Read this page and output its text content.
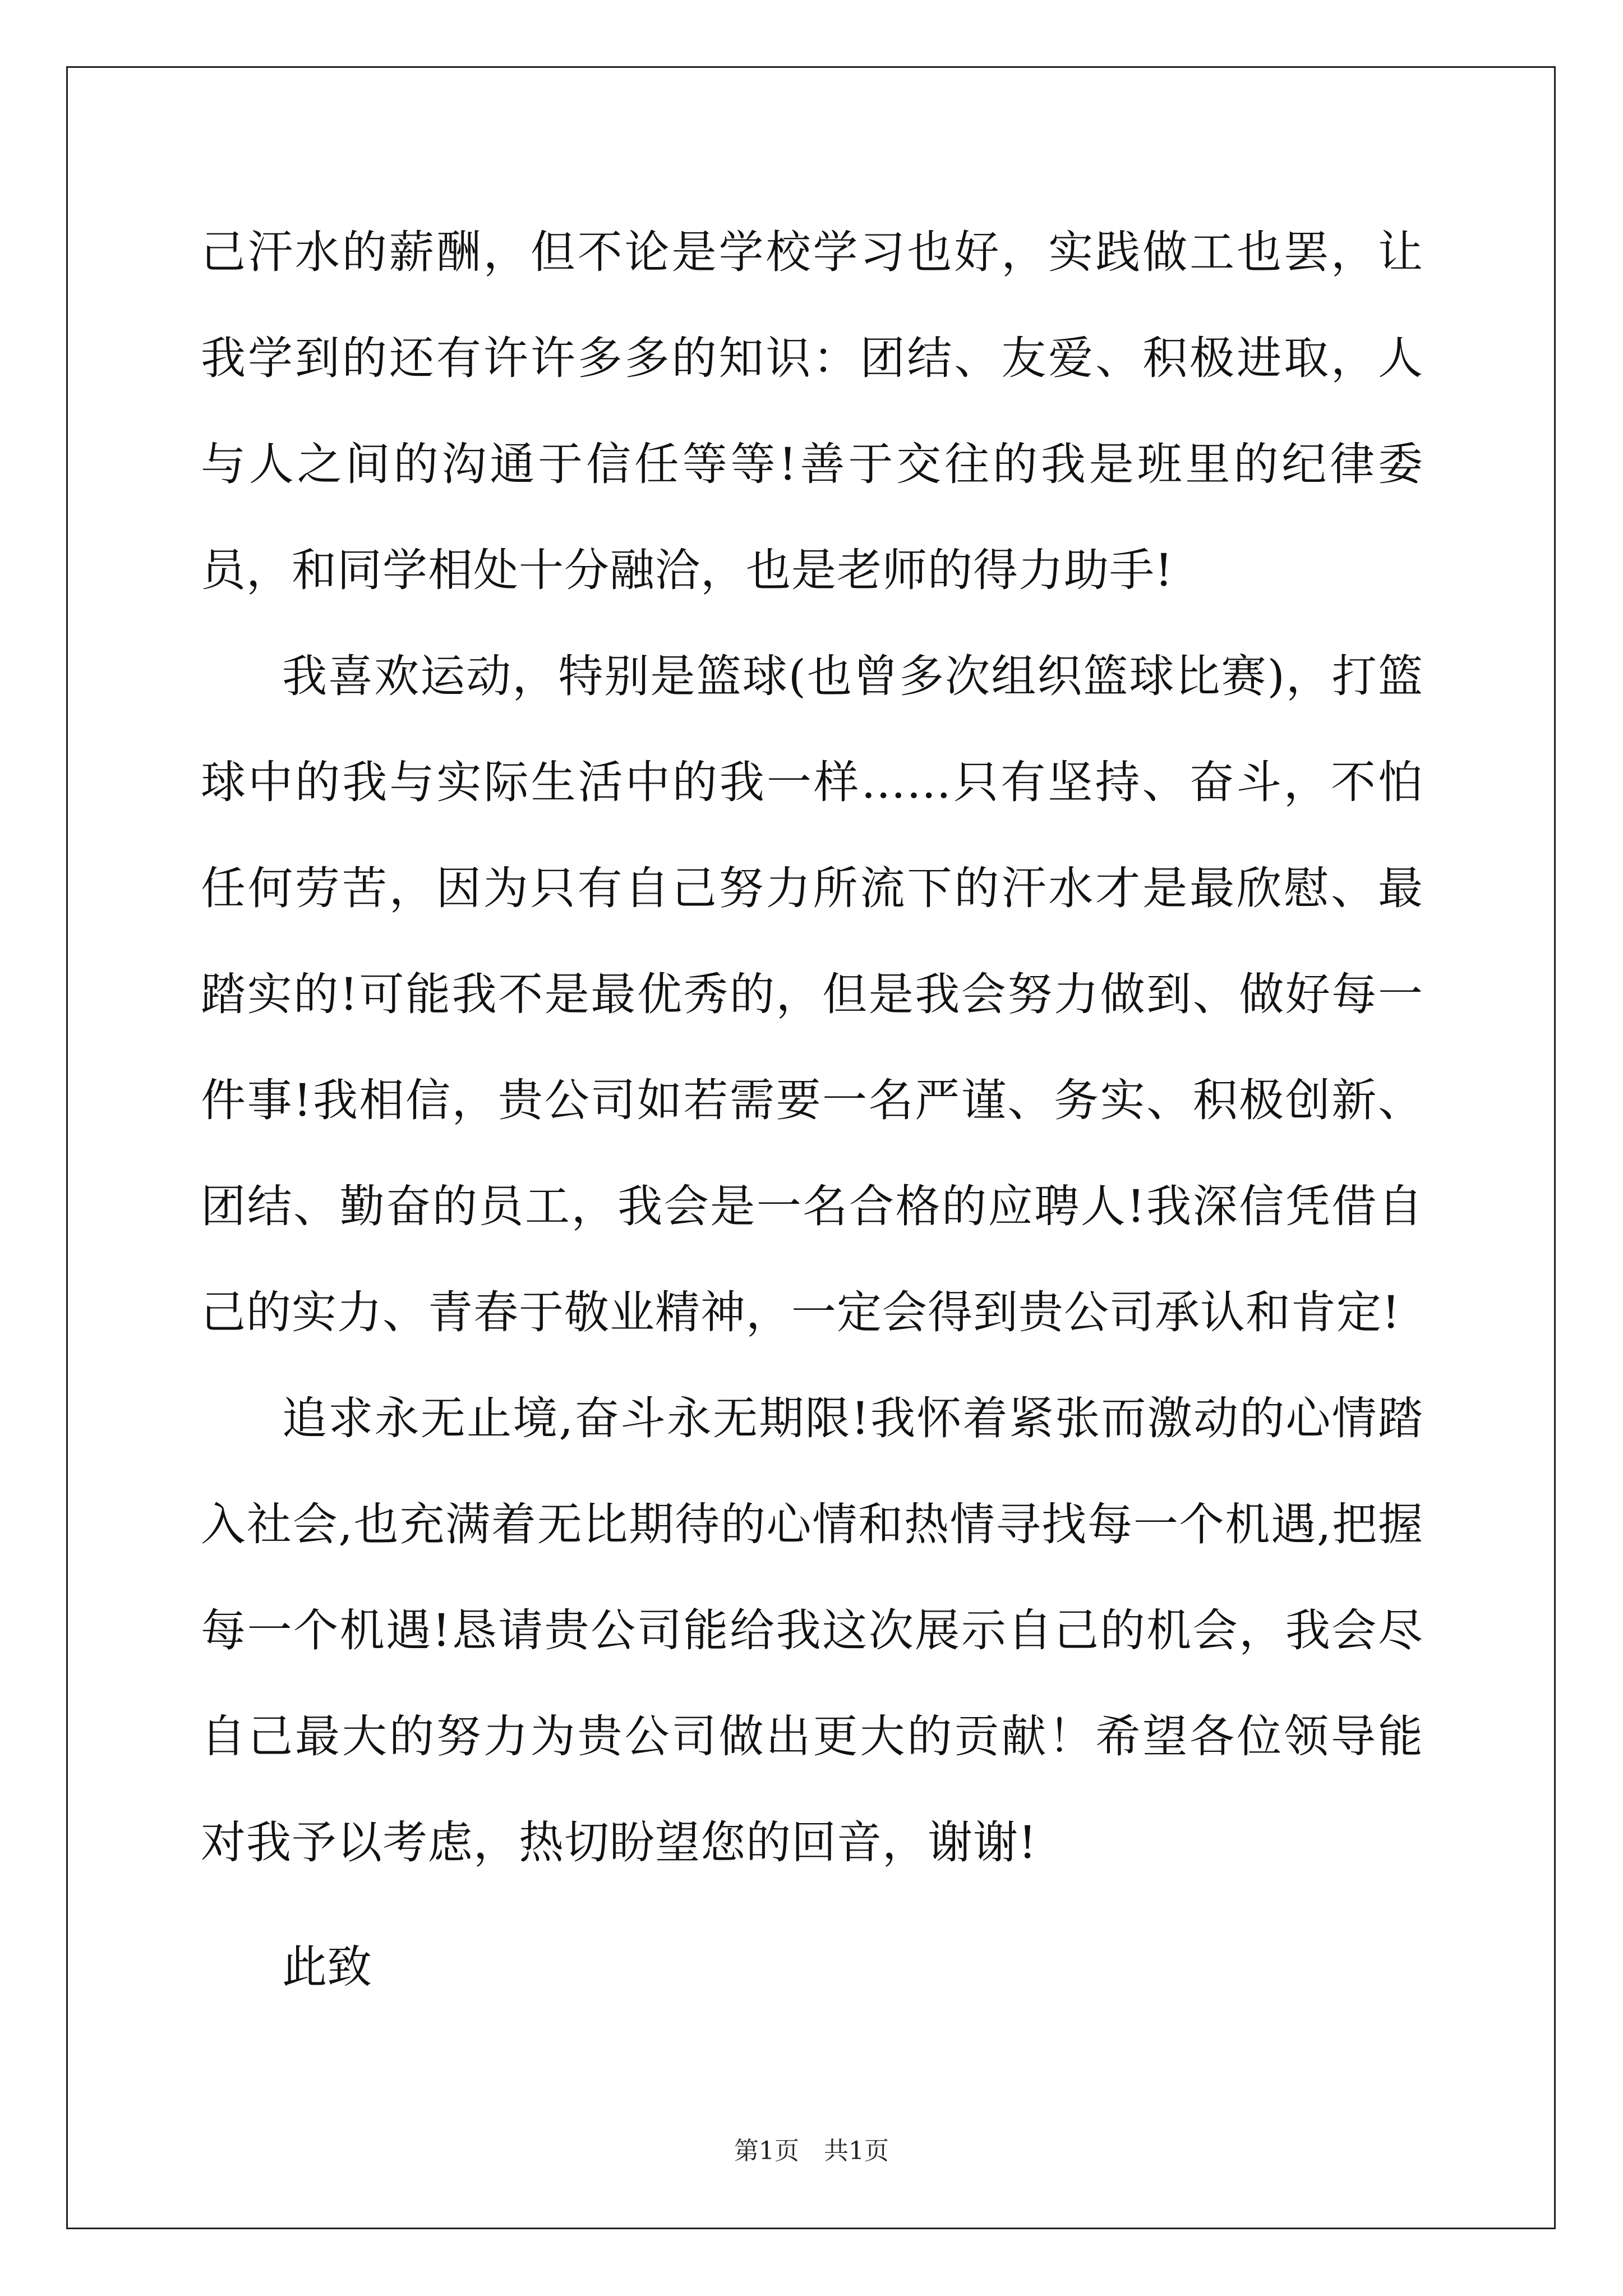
己汗水的薪酬，但不论是学校学习也好，实践做工也罢，让我学到的还有许许多多的知识：团结、友爱、积极进取，人与人之间的沟通于信任等等!善于交往的我是班里的纪律委员，和同学相处十分融洽，也是老师的得力助手!

我喜欢运动，特别是篮球(也曾多次组织篮球比赛)，打篮球中的我与实际生活中的我一样……只有坚持、奋斗，不怕任何劳苦，因为只有自己努力所流下的汗水才是最欣慰、最踏实的!可能我不是最优秀的，但是我会努力做到、做好每一件事!我相信，贵公司如若需要一名严谨、务实、积极创新、团结、勤奋的员工，我会是一名合格的应聘人!我深信凭借自己的实力、青春于敬业精神，一定会得到贵公司承认和肯定!

追求永无止境,奋斗永无期限!我怀着紧张而激动的心情踏入社会,也充满着无比期待的心情和热情寻找每一个机遇,把握每一个机遇!恳请贵公司能给我这次展示自己的机会，我会尽自己最大的努力为贵公司做出更大的贡献！希望各位领导能对我予以考虑，热切盼望您的回音，谢谢!

此致

第1页　共1页
